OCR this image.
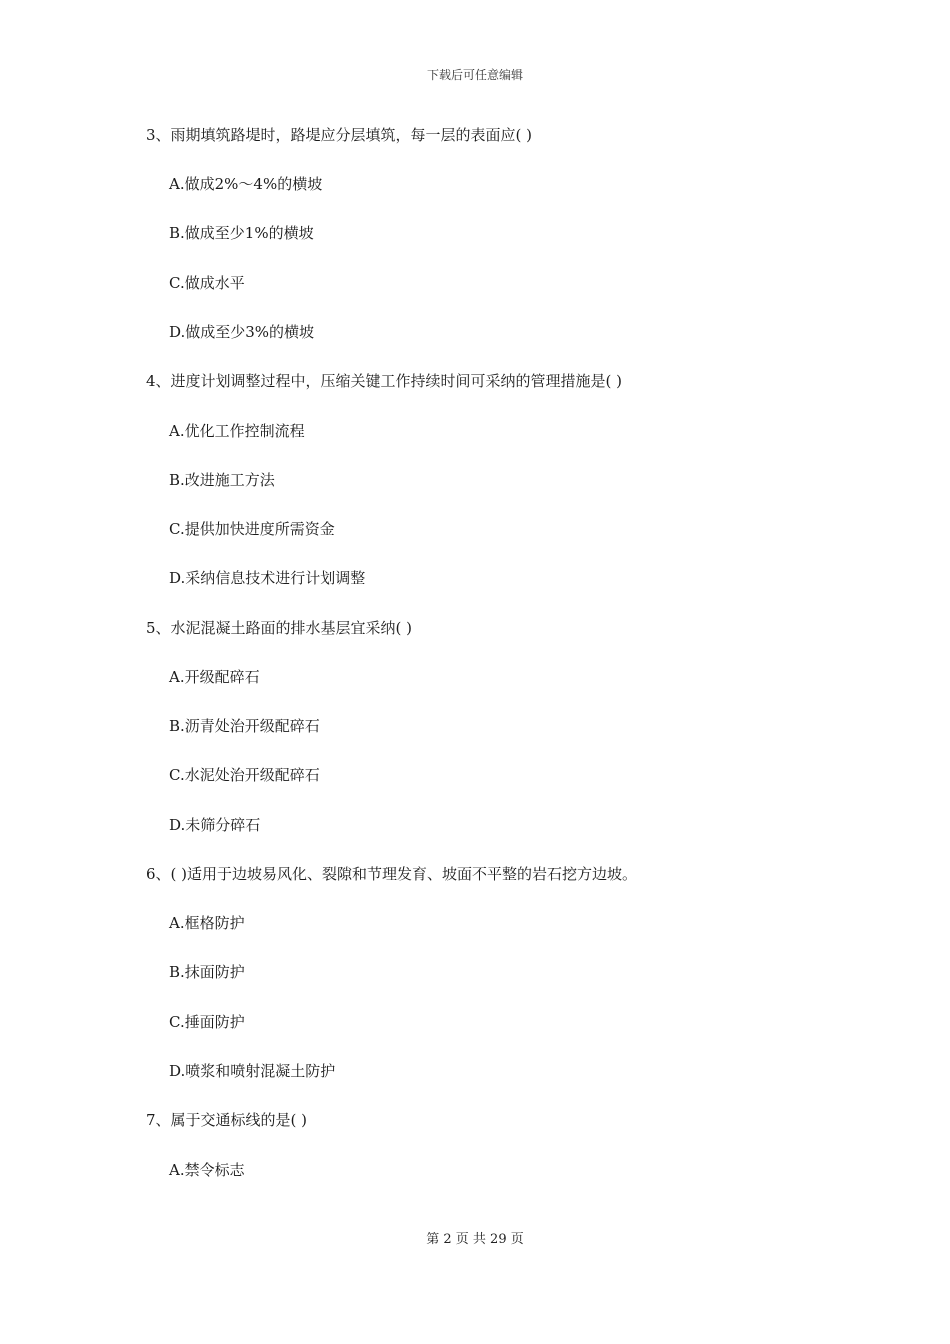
下载后可任意编辑
3、雨期填筑路堤时，路堤应分层填筑，每一层的表面应( )
A.做成2%～4%的横坡
B.做成至少1%的横坡
C.做成水平
D.做成至少3%的横坡
4、进度计划调整过程中，压缩关键工作持续时间可采纳的管理措施是( )
A.优化工作控制流程
B.改进施工方法
C.提供加快进度所需资金
D.采纳信息技术进行计划调整
5、水泥混凝土路面的排水基层宜采纳( )
A.开级配碎石
B.沥青处治开级配碎石
C.水泥处治开级配碎石
D.未筛分碎石
6、( )适用于边坡易风化、裂隙和节理发育、坡面不平整的岩石挖方边坡。
A.框格防护
B.抹面防护
C.捶面防护
D.喷浆和喷射混凝土防护
7、属于交通标线的是( )
A.禁令标志
第 2 页 共 29 页
